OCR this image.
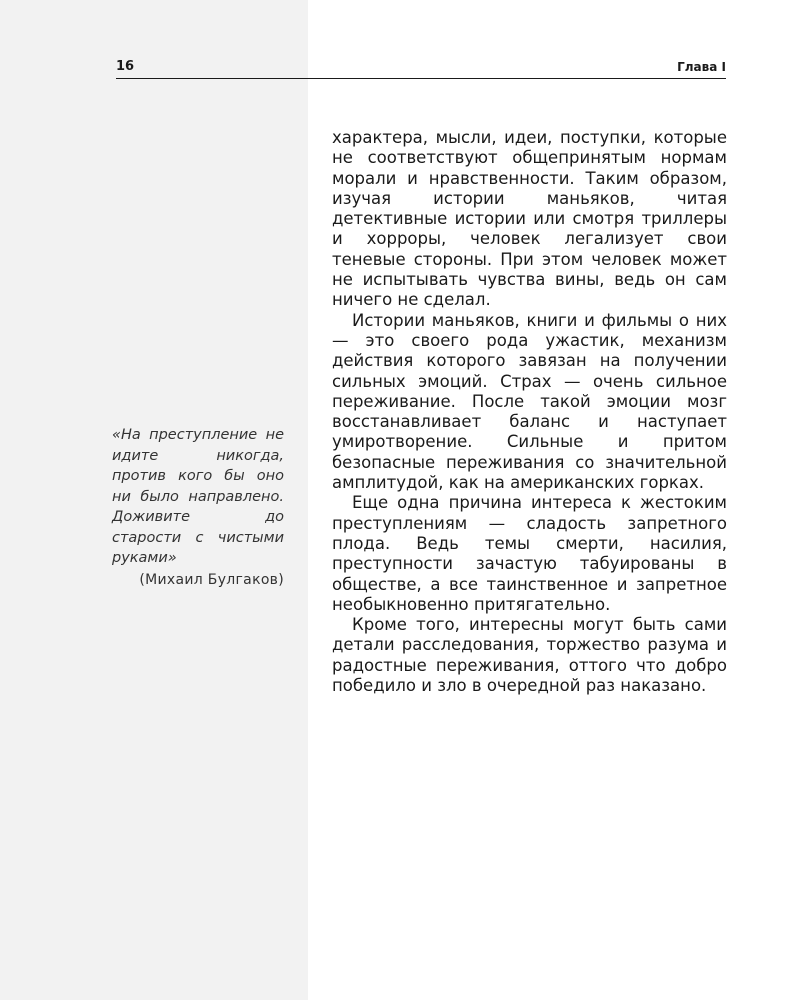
16	Глава I

«На преступление не идите никогда, против кого бы оно ни было направлено. Доживите до старости с чистыми руками»

(Михаил Булгаков)

характера, мысли, идеи, поступки, которые не соответствуют общепринятым нормам морали и нравственности. Таким образом, изучая истории маньяков, читая детективные истории или смотря триллеры и хорроры, человек легализует свои теневые стороны. При этом человек может не испытывать чувства вины, ведь он сам ничего не сделал.

Истории маньяков, книги и фильмы о них — это своего рода ужастик, механизм действия которого завязан на получении сильных эмоций. Страх — очень сильное переживание. После такой эмоции мозг восстанавливает баланс и наступает умиротворение. Сильные и притом безопасные переживания со значительной амплитудой, как на американских горках.

Еще одна причина интереса к жестоким преступлениям — сладость запретного плода. Ведь темы смерти, насилия, преступности зачастую табуированы в обществе, а все таинственное и запретное необыкновенно притягательно.

Кроме того, интересны могут быть сами детали расследования, торжество разума и радостные переживания, оттого что добро победило и зло в очередной раз наказано.
